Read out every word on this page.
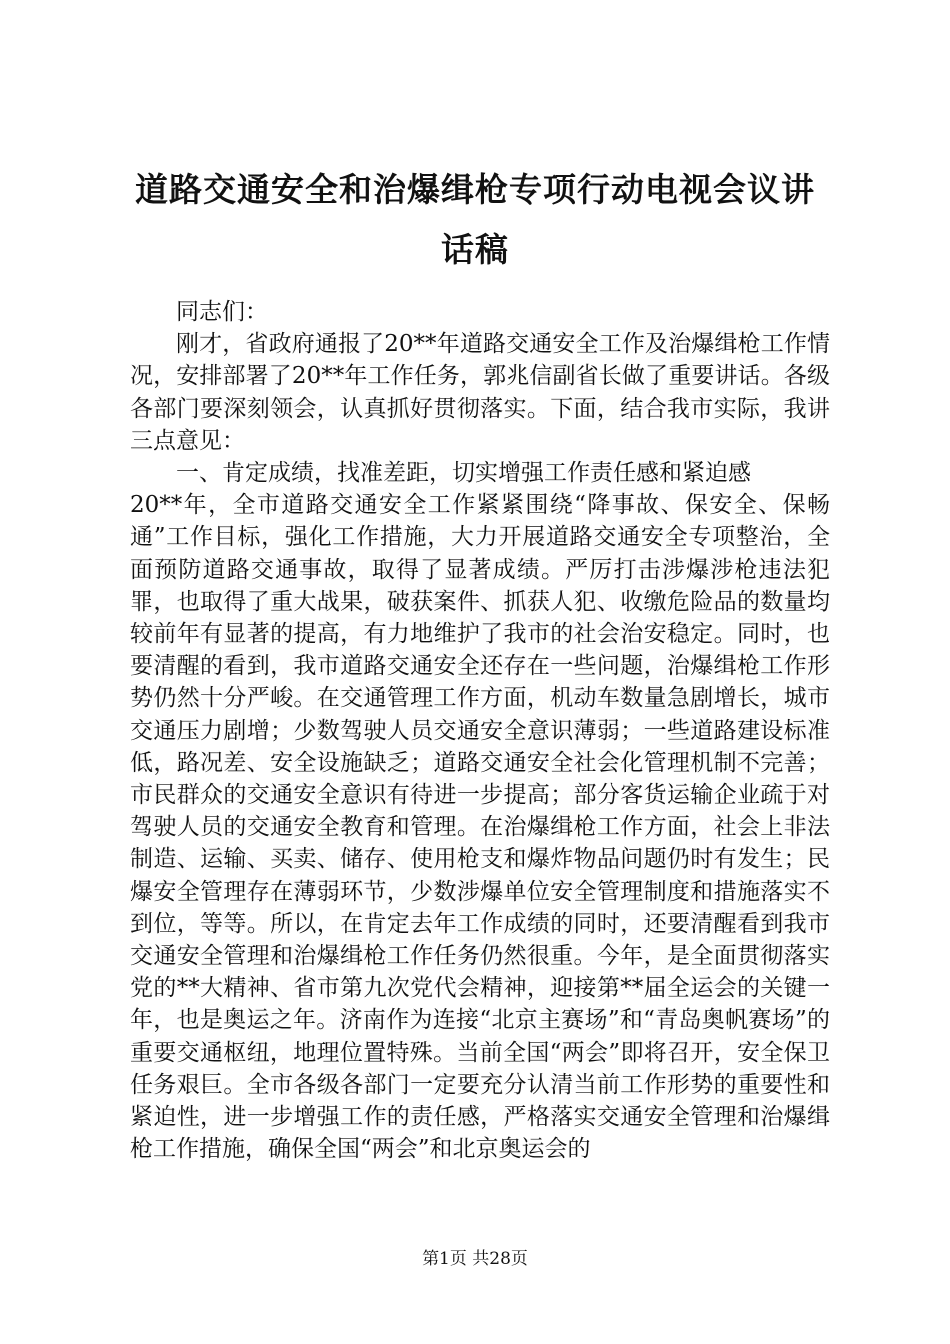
道路交通安全和治爆缉枪专项行动电视会议讲
话稿

同志们：

刚才，省政府通报了20**年道路交通安全工作及治爆缉枪工作情况，安排部署了20**年工作任务，郭兆信副省长做了重要讲话。各级各部门要深刻领会，认真抓好贯彻落实。下面，结合我市实际，我讲三点意见：

一、肯定成绩，找准差距，切实增强工作责任感和紧迫感

20**年，全市道路交通安全工作紧紧围绕“降事故、保安全、保畅通”工作目标，强化工作措施，大力开展道路交通安全专项整治，全面预防道路交通事故，取得了显著成绩。严厉打击涉爆涉枪违法犯罪，也取得了重大战果，破获案件、抓获人犯、收缴危险品的数量均较前年有显著的提高，有力地维护了我市的社会治安稳定。同时，也要清醒的看到，我市道路交通安全还存在一些问题，治爆缉枪工作形势仍然十分严峻。在交通管理工作方面，机动车数量急剧增长，城市交通压力剧增；少数驾驶人员交通安全意识薄弱；一些道路建设标准低，路况差、安全设施缺乏；道路交通安全社会化管理机制不完善；市民群众的交通安全意识有待进一步提高；部分客货运输企业疏于对驾驶人员的交通安全教育和管理。在治爆缉枪工作方面，社会上非法制造、运输、买卖、储存、使用枪支和爆炸物品问题仍时有发生；民爆安全管理存在薄弱环节，少数涉爆单位安全管理制度和措施落实不到位，等等。所以，在肯定去年工作成绩的同时，还要清醒看到我市交通安全管理和治爆缉枪工作任务仍然很重。今年，是全面贯彻落实党的**大精神、省市第九次党代会精神，迎接第**届全运会的关键一年，也是奥运之年。济南作为连接“北京主赛场”和“青岛奥帆赛场”的重要交通枢纽，地理位置特殊。当前全国“两会”即将召开，安全保卫任务艰巨。全市各级各部门一定要充分认清当前工作形势的重要性和紧迫性，进一步增强工作的责任感，严格落实交通安全管理和治爆缉枪工作措施，确保全国“两会”和北京奥运会的

第1页 共28页
